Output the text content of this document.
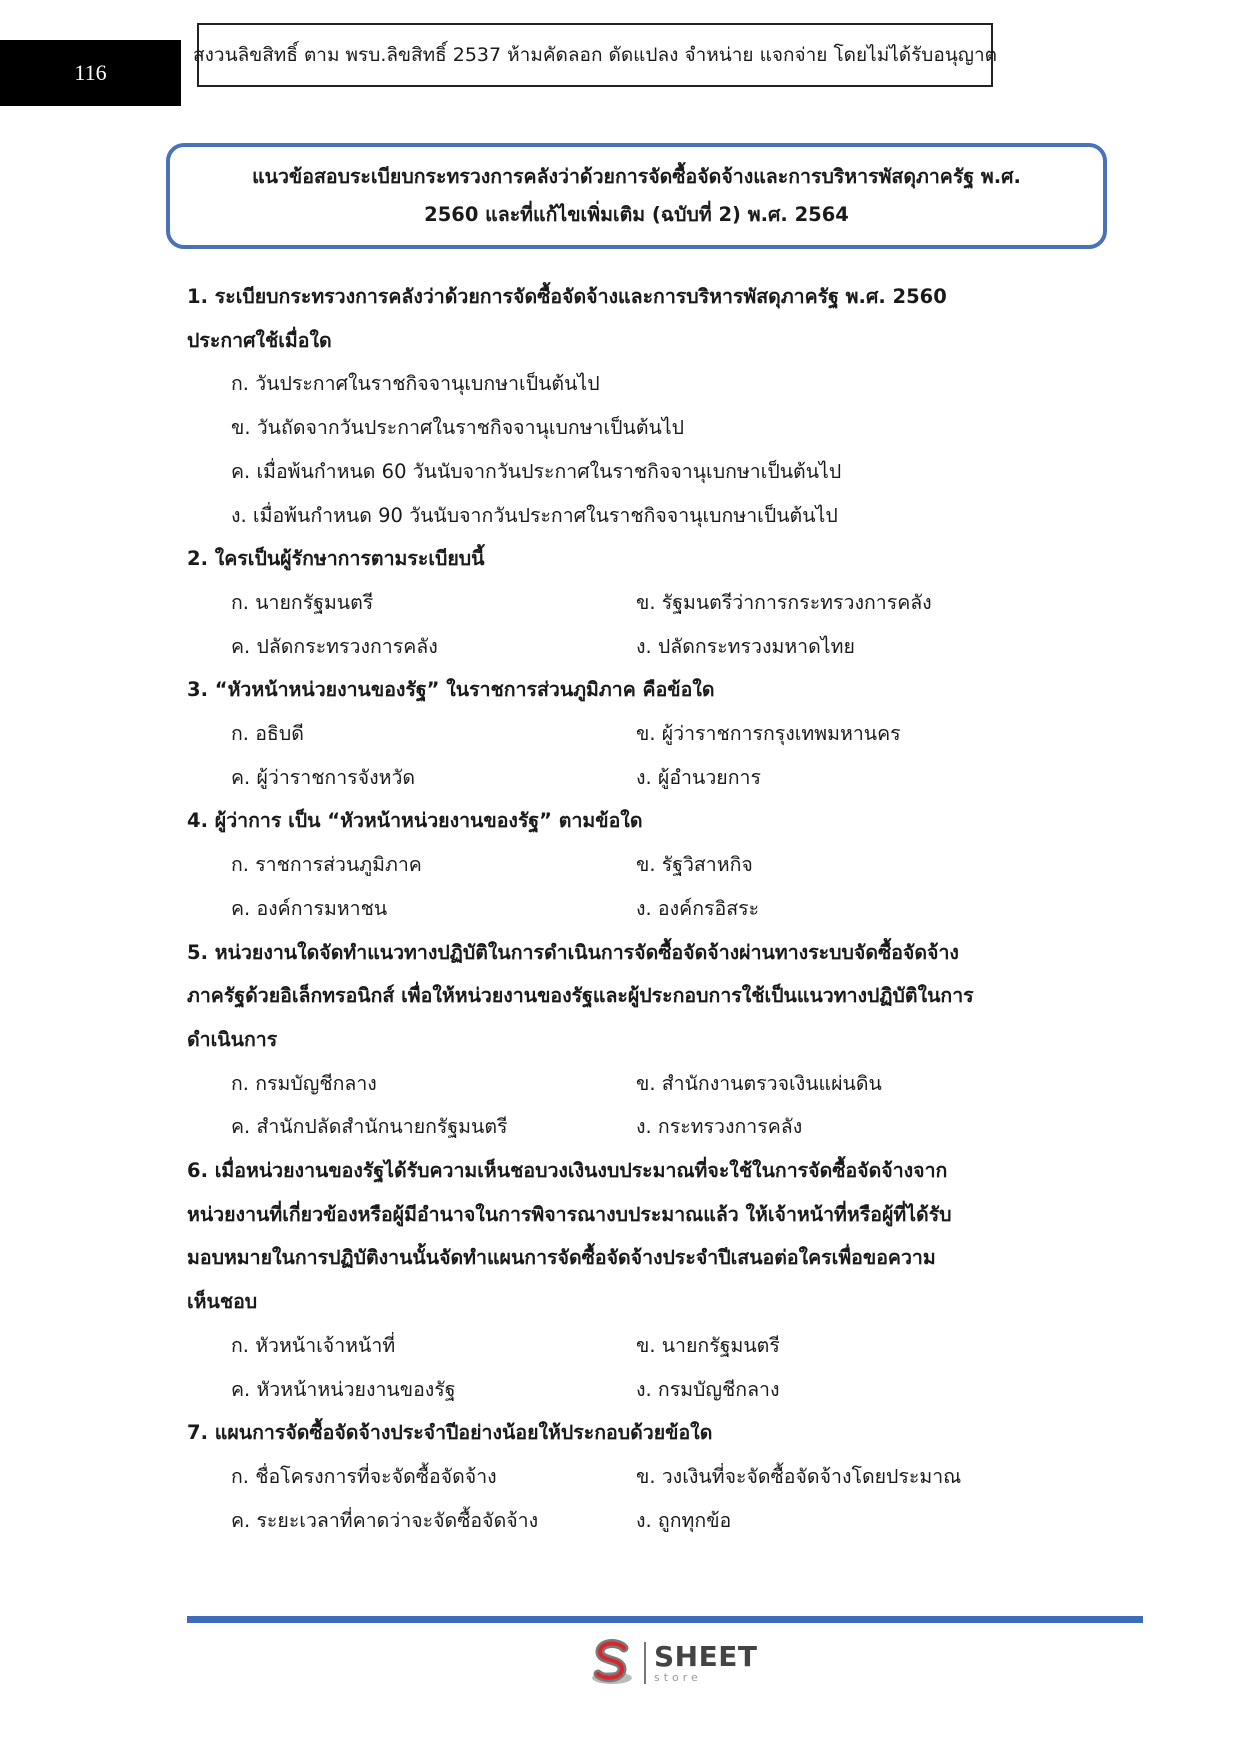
116
สงวนลิขสิทธิ์ ตาม พรบ.ลิขสิทธิ์ 2537 ห้ามคัดลอก ดัดแปลง จำหน่าย แจกจ่าย โดยไม่ได้รับอนุญาต
แนวข้อสอบระเบียบกระทรวงการคลังว่าด้วยการจัดซื้อจัดจ้างและการบริหารพัสดุภาครัฐ พ.ศ.
2560 และที่แก้ไขเพิ่มเติม (ฉบับที่ 2) พ.ศ. 2564
1. ระเบียบกระทรวงการคลังว่าด้วยการจัดซื้อจัดจ้างและการบริหารพัสดุภาครัฐ พ.ศ. 2560
ประกาศใช้เมื่อใด
ก. วันประกาศในราชกิจจานุเบกษาเป็นต้นไป
ข. วันถัดจากวันประกาศในราชกิจจานุเบกษาเป็นต้นไป
ค. เมื่อพ้นกำหนด 60 วันนับจากวันประกาศในราชกิจจานุเบกษาเป็นต้นไป
ง. เมื่อพ้นกำหนด 90 วันนับจากวันประกาศในราชกิจจานุเบกษาเป็นต้นไป
2. ใครเป็นผู้รักษาการตามระเบียบนี้
ก. นายกรัฐมนตรี	ข. รัฐมนตรีว่าการกระทรวงการคลัง
ค. ปลัดกระทรวงการคลัง	ง. ปลัดกระทรวงมหาดไทย
3. “หัวหน้าหน่วยงานของรัฐ” ในราชการส่วนภูมิภาค คือข้อใด
ก. อธิบดี	ข. ผู้ว่าราชการกรุงเทพมหานคร
ค. ผู้ว่าราชการจังหวัด	ง. ผู้อำนวยการ
4. ผู้ว่าการ เป็น “หัวหน้าหน่วยงานของรัฐ” ตามข้อใด
ก. ราชการส่วนภูมิภาค	ข. รัฐวิสาหกิจ
ค. องค์การมหาชน	ง. องค์กรอิสระ
5. หน่วยงานใดจัดทำแนวทางปฏิบัติในการดำเนินการจัดซื้อจัดจ้างผ่านทางระบบจัดซื้อจัดจ้าง
ภาครัฐด้วยอิเล็กทรอนิกส์ เพื่อให้หน่วยงานของรัฐและผู้ประกอบการใช้เป็นแนวทางปฏิบัติในการ
ดำเนินการ
ก. กรมบัญชีกลาง	ข. สำนักงานตรวจเงินแผ่นดิน
ค. สำนักปลัดสำนักนายกรัฐมนตรี	ง. กระทรวงการคลัง
6. เมื่อหน่วยงานของรัฐได้รับความเห็นชอบวงเงินงบประมาณที่จะใช้ในการจัดซื้อจัดจ้างจาก
หน่วยงานที่เกี่ยวข้องหรือผู้มีอำนาจในการพิจารณางบประมาณแล้ว ให้เจ้าหน้าที่หรือผู้ที่ได้รับ
มอบหมายในการปฏิบัติงานนั้นจัดทำแผนการจัดซื้อจัดจ้างประจำปีเสนอต่อใครเพื่อขอความ
เห็นชอบ
ก. หัวหน้าเจ้าหน้าที่	ข. นายกรัฐมนตรี
ค. หัวหน้าหน่วยงานของรัฐ	ง. กรมบัญชีกลาง
7. แผนการจัดซื้อจัดจ้างประจำปีอย่างน้อยให้ประกอบด้วยข้อใด
ก. ชื่อโครงการที่จะจัดซื้อจัดจ้าง	ข. วงเงินที่จะจัดซื้อจัดจ้างโดยประมาณ
ค. ระยะเวลาที่คาดว่าจะจัดซื้อจัดจ้าง	ง. ถูกทุกข้อ
SHEET
store
